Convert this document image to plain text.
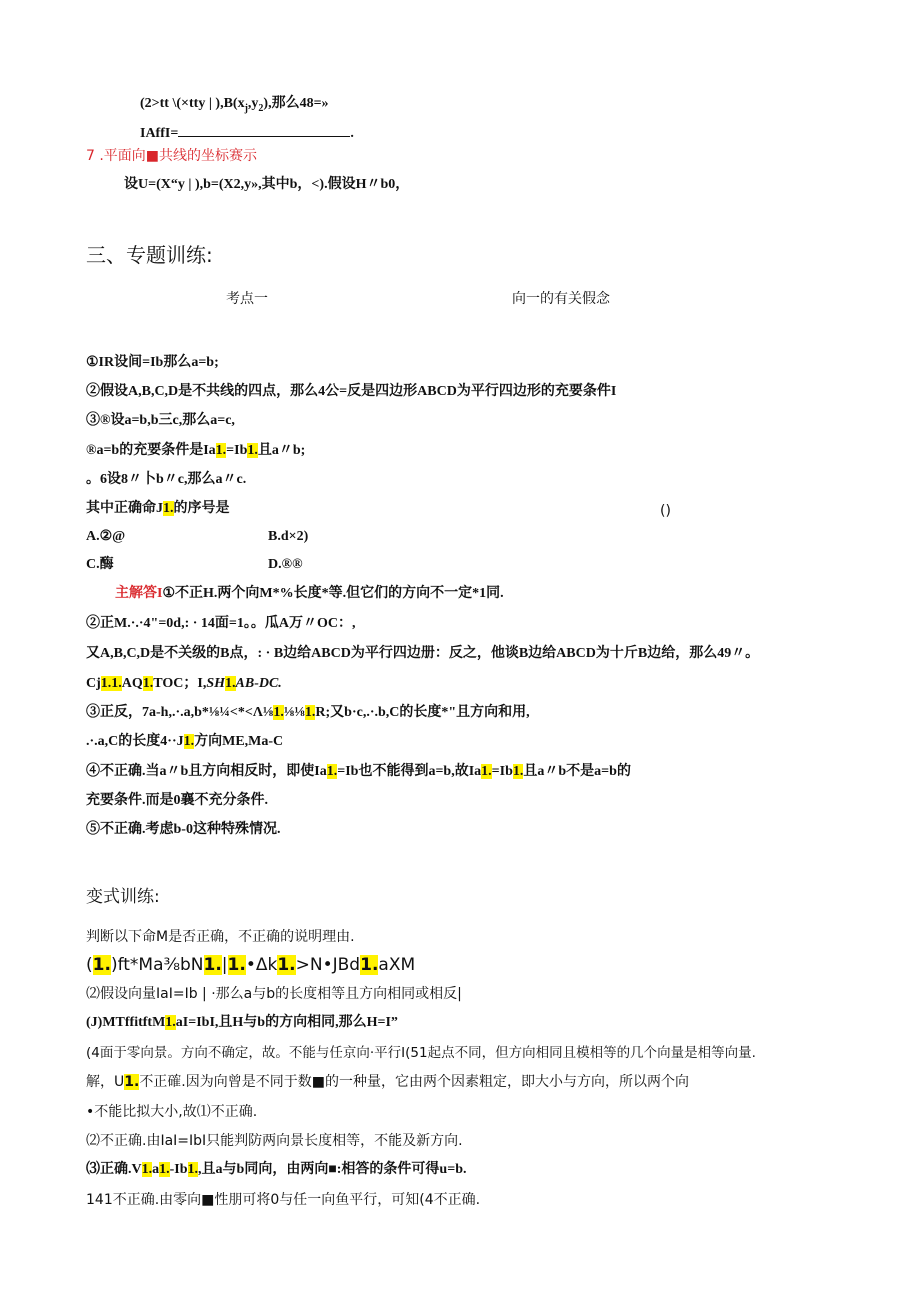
(2>tt \(×tty | )$,B(x_j,y_2)$,那么48=»
IAffI=	.
7 .平面向■共线的坐标赛示
设U=(X“y | ),b=(X2,y»,其中b，<).假设H〃b0，
三、专题训练:
考点一	向一的有关假念
①IR设间=Ib那么a=b;
②假设A,B,C,D是不共线的四点，那么4公=反是四边形ABCD为平行四边形的充要条件I
③®设a=b,b三c,那么a=c,
®a=b的充要条件是Ia1.=Ib1.且a〃b;
。6设8〃卜b〃c,那么a〃c.
其中正确命J1.的序号是	()
A.②@	B.d×2)
C.酶	D.®®
主解答I①不正H.两个向M*%长度*等.但它们的方向不一定*1同.
②正M.·.·4"=0d,: · 14面=1。。瓜A万〃OC：,
又A,B,C,D是不关级的B点，: · B边给ABCD为平行四边册：反之，他谈B边给ABCD为十斤B边给，那么49〃。
Cj1.1.AQ1.TOC；I,SH1.AB-DC.
③正反，7a-h,.·.a,b*⅛¼<*<Λ⅛1.⅛⅛1.R;又b·c,.·.b,C的长度*"且方向和用,
.·.a,C的长度4··J1.方向ME,Ma-C
④不正确.当a〃b且方向相反时，即使Ia1.=Ib也不能得到a=b,故Ia1.=Ib1.且a〃b不是a=b的
充要条件.而是0襄不充分条件.
⑤不正确.考虑b-0这种特殊情况.
变式训练:
判断以下命M是否正确，不正确的说明理由.
(1.)ft*Ma⅜bN1.|1.•Δk1.>N•JBd1.aXM
⑵假设向量IaI=Ib | ·那么a与b的长度相等且方向相同或相反|
(J)MTffitftM1.aI=IbI,且H与b的方向相同,那么H=I”
(4面于零向景。方向不确定，故。不能与任京向·平行I(51起点不同，但方向相同且模相等的几个向量是相等向量.
解，U1.不正確.因为向曾是不同于数■的一种量，它由两个因素粗定，即大小与方向，所以两个向
•不能比拟大小,故⑴不正确.
⑵不正确.由IaI=IbI只能判防两向景长度相等，不能及新方向.
⑶正确.V1.a1.-Ib1.,且a与b同向，由两向■:相答的条件可得u=b.
141不正确.由零向■性朋可将0与任一向鱼平行，可知(4不正确.
